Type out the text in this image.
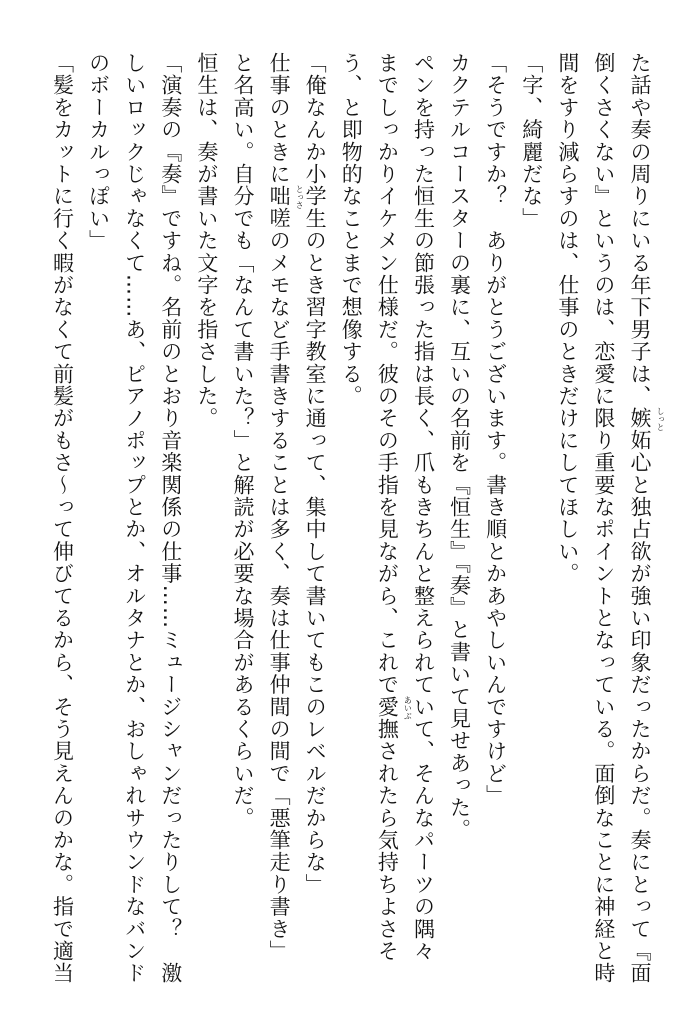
た話や奏の周りにいる年下男子は、嫉妬 しっと
心と独占欲が強い印象だったからだ。奏にとって『面
倒くさくない』というのは、恋愛に限り重要なポイントとなっている。面倒なことに神経と時
間をすり減らすのは、仕事のときだけにしてほしい。
「字、綺麗だな」
「そうですか？　ありがとうございます。書き順とかあやしいんですけど」
カクテルコースターの裏に、互いの名前を『恒生』『奏』と書いて見せあった。
ペンを持った恒生の節張った指は長く、爪もきちんと整えられていて、そんなパーツの隅々
までしっかりイケメン仕様だ。彼のその手指を見ながら、これで愛撫 あいぶ
されたら気持ちよさそ
う、と即物的なことまで想像する。
「俺なんか小学生のとき習字教室に通って、集中して書いてもこのレベルだからな」
仕事のときに咄嗟 とっさ
のメモなど手書きすることは多く、奏は仕事仲間の間で「悪筆走り書き」
と名高い。自分でも「なんて書いた？」と解読が必要な場合があるくらいだ。
恒生は、奏が書いた文字を指さした。
「演奏の『奏』ですね。名前のとおり音楽関係の仕事……ミュージシャンだったりして？　激
しいロックじゃなくて……あ、ピアノポップとか、オルタナとか、おしゃれサウンドなバンド
のボーカルっぽい」
「髪をカットに行く暇がなくて前髪がもさ～って伸びてるから、そう見えんのかな。指で適当
